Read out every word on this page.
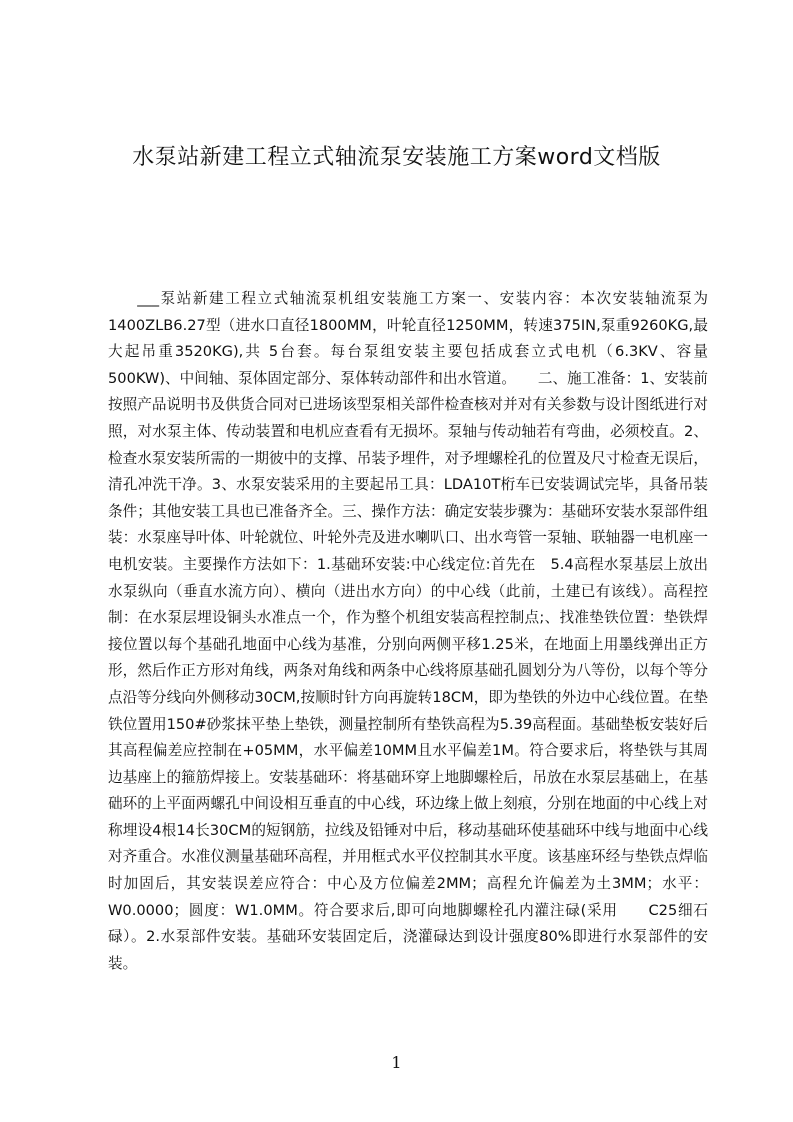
水泵站新建工程立式轴流泵安装施工方案word文档版

___泵站新建工程立式轴流泵机组安装施工方案一、安装内容：本次安装轴流泵为1400ZLB6.27型（进水口直径1800MM，叶轮直径1250MM，转速375IN,泵重9260KG,最大起吊重3520KG),共 5台套。每台泵组安装主要包括成套立式电机（6.3KV、容量500KW)、中间轴、泵体固定部分、泵体转动部件和出水管道。　　二、施工准备：1、安装前按照产品说明书及供货合同对已进场该型泵相关部件检查核对并对有关参数与设计图纸进行对照，对水泵主体、传动装置和电机应查看有无损坏。泵轴与传动轴若有弯曲，必须校直。2、检查水泵安装所需的一期彼中的支撑、吊装予埋件，对予埋螺栓孔的位置及尺寸检查无误后，清孔冲洗干净。3、水泵安装采用的主要起吊工具：LDA10T桁车已安装调试完毕，具备吊装条件；其他安装工具也已准备齐全。三、操作方法：确定安装步骤为：基础环安装水泵部件组装：水泵座导叶体、叶轮就位、叶轮外壳及进水喇叭口、出水弯管一泵轴、联轴器一电机座一电机安装。主要操作方法如下：1.基础环安装:中心线定位:首先在　5.4高程水泵基层上放出水泵纵向（垂直水流方向）、横向（进出水方向）的中心线（此前，土建已有该线）。高程控制：在水泵层埋设铜头水准点一个，作为整个机组安装高程控制点;、找准垫铁位置：垫铁焊接位置以每个基础孔地面中心线为基准，分别向两侧平移1.25米，在地面上用墨线弹出正方形，然后作正方形对角线，两条对角线和两条中心线将原基础孔圆划分为八等份，以每个等分点沿等分线向外侧移动30CM,按顺时针方向再旋转18CM，即为垫铁的外边中心线位置。在垫铁位置用150#砂浆抹平垫上垫铁，测量控制所有垫铁高程为5.39高程面。基础垫板安装好后其高程偏差应控制在+05MM，水平偏差10MM且水平偏差1M。符合要求后，将垫铁与其周边基座上的箍筋焊接上。安装基础环：将基础环穿上地脚螺栓后，吊放在水泵层基础上，在基础环的上平面两螺孔中间设相互垂直的中心线，环边缘上做上刻痕，分别在地面的中心线上对称埋设4根14长30CM的短钢筋，拉线及铅锤对中后，移动基础环使基础环中线与地面中心线对齐重合。水准仪测量基础环高程，并用框式水平仪控制其水平度。该基座环经与垫铁点焊临时加固后，其安装误差应符合：中心及方位偏差2MM；高程允许偏差为土3MM；水平：W0.0000；圆度：W1.0MM。符合要求后,即可向地脚螺栓孔内灌注碌(采用　　C25细石碌）。2.水泵部件安装。基础环安装固定后，浇灌碌达到设计强度80%即进行水泵部件的安装。

1
